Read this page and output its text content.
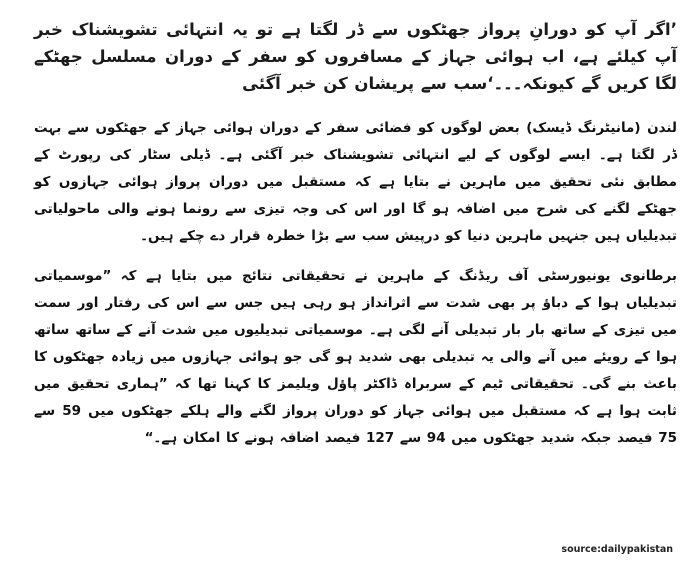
’اگر آپ کو دورانِ پرواز جھٹکوں سے ڈر لگتا ہے تو یہ انتہائی تشویشناک خبر آپ کیلئے ہے، اب ہوائی جہاز کے مسافروں کو سفر کے دوران مسلسل جھٹکے لگا کریں گے کیونکہ۔۔۔‘سب سے پریشان کن خبر آگئی

لندن (مانیٹرنگ ڈیسک) بعض لوگوں کو فضائی سفر کے دوران ہوائی جہاز کے جھٹکوں سے بہت ڈر لگتا ہے۔ ایسے لوگوں کے لیے انتہائی تشویشناک خبر آگئی ہے۔ ڈیلی سٹار کی رپورٹ کے مطابق نئی تحقیق میں ماہرین نے بتایا ہے کہ مستقبل میں دوران پرواز ہوائی جہازوں کو جھٹکے لگنے کی شرح میں اضافہ ہو گا اور اس کی وجہ تیزی سے رونما ہونے والی ماحولیاتی تبدیلیاں ہیں جنہیں ماہرین دنیا کو درپیش سب سے بڑا خطرہ قرار دے چکے ہیں۔

برطانوی یونیورسٹی آف ریڈنگ کے ماہرین نے تحقیقاتی نتائج میں بتایا ہے کہ ”موسمیاتی تبدیلیاں ہوا کے دباؤ پر بھی شدت سے اثرانداز ہو رہی ہیں جس سے اس کی رفتار اور سمت میں تیزی کے ساتھ بار بار تبدیلی آنے لگی ہے۔ موسمیاتی تبدیلیوں میں شدت آنے کے ساتھ ساتھ ہوا کے رویئے میں آنے والی یہ تبدیلی بھی شدید ہو گی جو ہوائی جہازوں میں زیادہ جھٹکوں کا باعث بنے گی۔ تحقیقاتی ٹیم کے سربراہ ڈاکٹر پاؤل ویلیمز کا کہنا تھا کہ ”ہماری تحقیق میں ثابت ہوا ہے کہ مستقبل میں ہوائی جہاز کو دوران پرواز لگنے والے ہلکے جھٹکوں میں 59 سے 75 فیصد جبکہ شدید جھٹکوں میں 94 سے 127 فیصد اضافہ ہونے کا امکان ہے۔“

source:dailypakistan
